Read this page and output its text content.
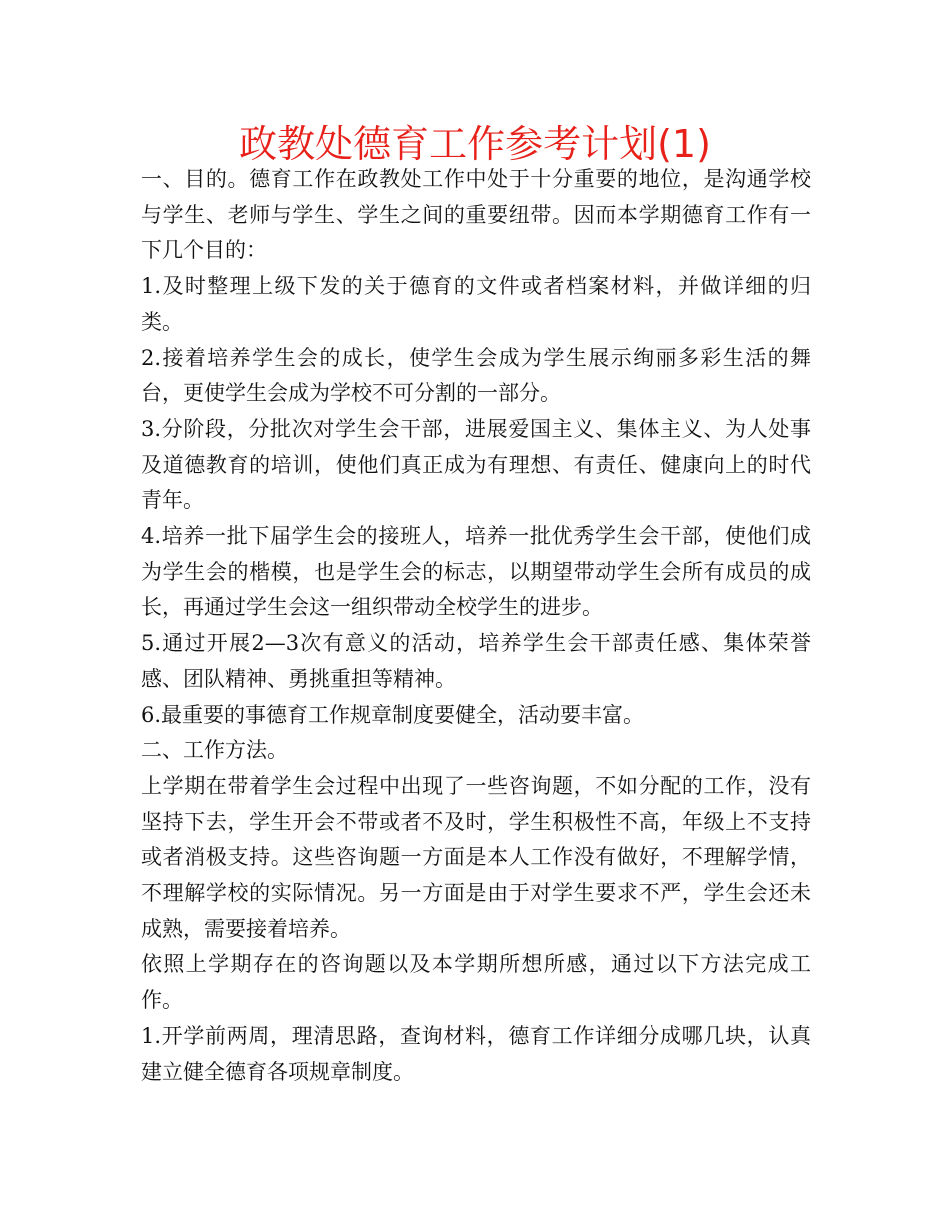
政教处德育工作参考计划(1)

一、目的。德育工作在政教处工作中处于十分重要的地位，是沟通学校与学生、老师与学生、学生之间的重要纽带。因而本学期德育工作有一下几个目的：

1.及时整理上级下发的关于德育的文件或者档案材料，并做详细的归类。

2.接着培养学生会的成长，使学生会成为学生展示绚丽多彩生活的舞台，更使学生会成为学校不可分割的一部分。

3.分阶段，分批次对学生会干部，进展爱国主义、集体主义、为人处事及道德教育的培训，使他们真正成为有理想、有责任、健康向上的时代青年。

4.培养一批下届学生会的接班人，培养一批优秀学生会干部，使他们成为学生会的楷模，也是学生会的标志，以期望带动学生会所有成员的成长，再通过学生会这一组织带动全校学生的进步。

5.通过开展2—3次有意义的活动，培养学生会干部责任感、集体荣誉感、团队精神、勇挑重担等精神。

6.最重要的事德育工作规章制度要健全，活动要丰富。

二、工作方法。

上学期在带着学生会过程中出现了一些咨询题，不如分配的工作，没有坚持下去，学生开会不带或者不及时，学生积极性不高，年级上不支持或者消极支持。这些咨询题一方面是本人工作没有做好，不理解学情，不理解学校的实际情况。另一方面是由于对学生要求不严，学生会还未成熟，需要接着培养。

依照上学期存在的咨询题以及本学期所想所感，通过以下方法完成工作。

1.开学前两周，理清思路，查询材料，德育工作详细分成哪几块，认真建立健全德育各项规章制度。
